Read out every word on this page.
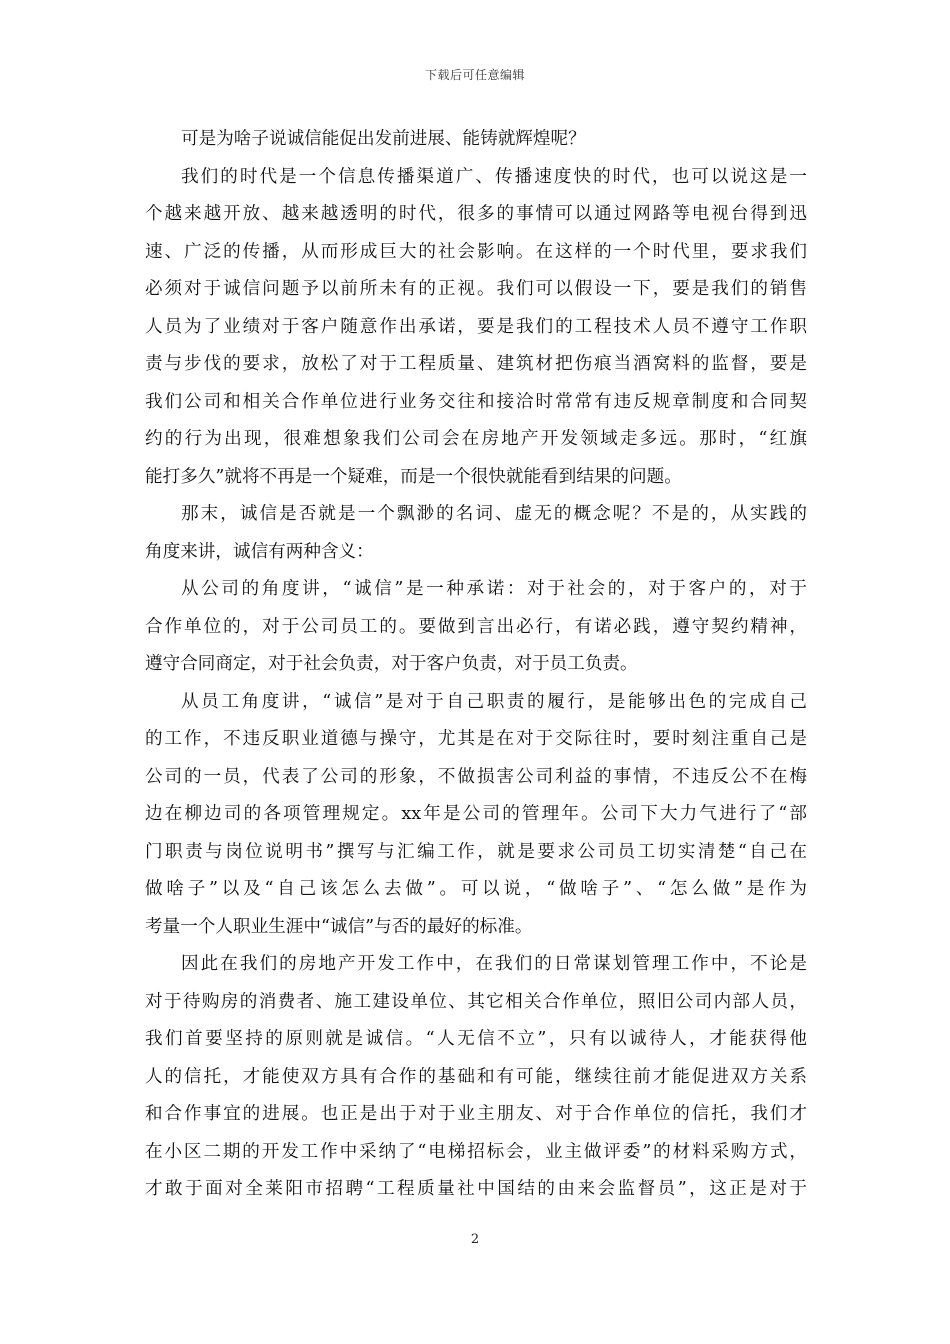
下载后可任意编辑
可是为啥子说诚信能促出发前进展、能铸就辉煌呢？
我们的时代是一个信息传播渠道广、传播速度快的时代，也可以说这是一
个越来越开放、越来越透明的时代，很多的事情可以通过网路等电视台得到迅
速、广泛的传播，从而形成巨大的社会影响。在这样的一个时代里，要求我们
必须对于诚信问题予以前所未有的正视。我们可以假设一下，要是我们的销售
人员为了业绩对于客户随意作出承诺，要是我们的工程技术人员不遵守工作职
责与步伐的要求，放松了对于工程质量、建筑材把伤痕当酒窝料的监督，要是
我们公司和相关合作单位进行业务交往和接洽时常常有违反规章制度和合同契
约的行为出现，很难想象我们公司会在房地产开发领域走多远。那时，“红旗
能打多久”就将不再是一个疑难，而是一个很快就能看到结果的问题。
那末，诚信是否就是一个飘渺的名词、虚无的概念呢？不是的，从实践的
角度来讲，诚信有两种含义：
从公司的角度讲，“诚信”是一种承诺：对于社会的，对于客户的，对于
合作单位的，对于公司员工的。要做到言出必行，有诺必践，遵守契约精神，
遵守合同商定，对于社会负责，对于客户负责，对于员工负责。
从员工角度讲，“诚信”是对于自己职责的履行，是能够出色的完成自己
的工作，不违反职业道德与操守，尤其是在对于交际往时，要时刻注重自己是
公司的一员，代表了公司的形象，不做损害公司利益的事情，不违反公不在梅
边在柳边司的各项管理规定。xx年是公司的管理年。公司下大力气进行了“部
门职责与岗位说明书”撰写与汇编工作，就是要求公司员工切实清楚“自己在
做啥子”以及“自己该怎么去做”。可以说，“做啥子”、“怎么做”是作为
考量一个人职业生涯中“诚信”与否的最好的标准。
因此在我们的房地产开发工作中，在我们的日常谋划管理工作中，不论是
对于待购房的消费者、施工建设单位、其它相关合作单位，照旧公司内部人员，
我们首要坚持的原则就是诚信。“人无信不立”，只有以诚待人，才能获得他
人的信托，才能使双方具有合作的基础和有可能，继续往前才能促进双方关系
和合作事宜的进展。也正是出于对于业主朋友、对于合作单位的信托，我们才
在小区二期的开发工作中采纳了“电梯招标会，业主做评委”的材料采购方式，
才敢于面对全莱阳市招聘“工程质量社中国结的由来会监督员”，这正是对于
2
